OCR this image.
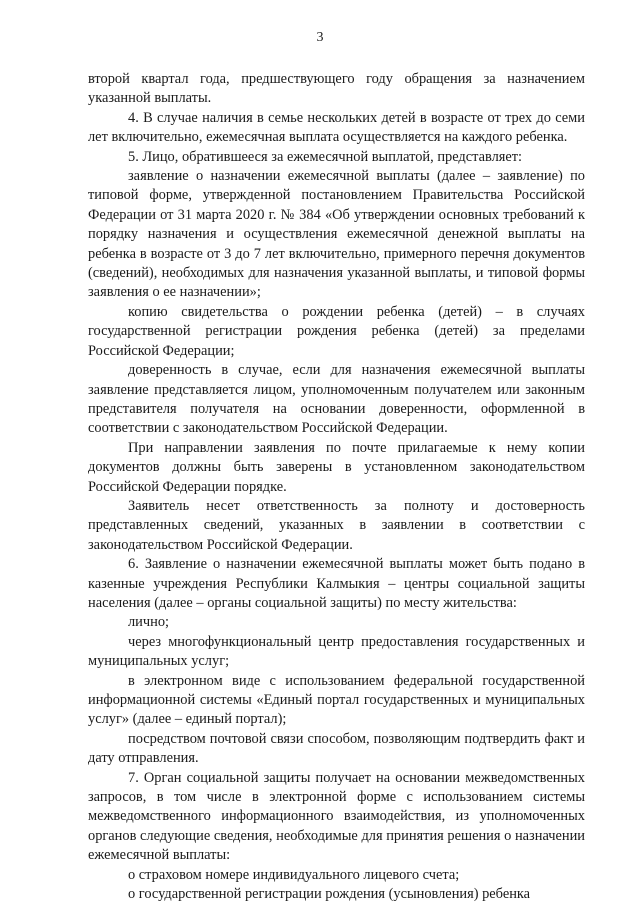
3

второй квартал года, предшествующего году обращения за назначением указанной выплаты.

4. В случае наличия в семье нескольких детей в возрасте от трех до семи лет включительно, ежемесячная выплата осуществляется на каждого ребенка.

5. Лицо, обратившееся за ежемесячной выплатой, представляет:

заявление о назначении ежемесячной выплаты (далее – заявление) по типовой форме, утвержденной постановлением Правительства Российской Федерации от 31 марта 2020 г. № 384 «Об утверждении основных требований к порядку назначения и осуществления ежемесячной денежной выплаты на ребенка в возрасте от 3 до 7 лет включительно, примерного перечня документов (сведений), необходимых для назначения указанной выплаты, и типовой формы заявления о ее назначении»;

копию свидетельства о рождении ребенка (детей) – в случаях государственной регистрации рождения ребенка (детей) за пределами Российской Федерации;

доверенность в случае, если для назначения ежемесячной выплаты заявление представляется лицом, уполномоченным получателем или законным представителя получателя на основании доверенности, оформленной в соответствии с законодательством Российской Федерации.

При направлении заявления по почте прилагаемые к нему копии документов должны быть заверены в установленном законодательством Российской Федерации порядке.

Заявитель несет ответственность за полноту и достоверность представленных сведений, указанных в заявлении в соответствии с законодательством Российской Федерации.

6. Заявление о назначении ежемесячной выплаты может быть подано в казенные учреждения Республики Калмыкия – центры социальной защиты населения (далее – органы социальной защиты) по месту жительства:

лично;

через многофункциональный центр предоставления государственных и муниципальных услуг;

в электронном виде с использованием федеральной государственной информационной системы «Единый портал государственных и муниципальных услуг» (далее – единый портал);

посредством почтовой связи способом, позволяющим подтвердить факт и дату отправления.

7. Орган социальной защиты получает на основании межведомственных запросов, в том числе в электронной форме с использованием системы межведомственного информационного взаимодействия, из уполномоченных органов следующие сведения, необходимые для принятия решения о назначении ежемесячной выплаты:

о страховом номере индивидуального лицевого счета;

о государственной регистрации рождения (усыновления) ребенка
